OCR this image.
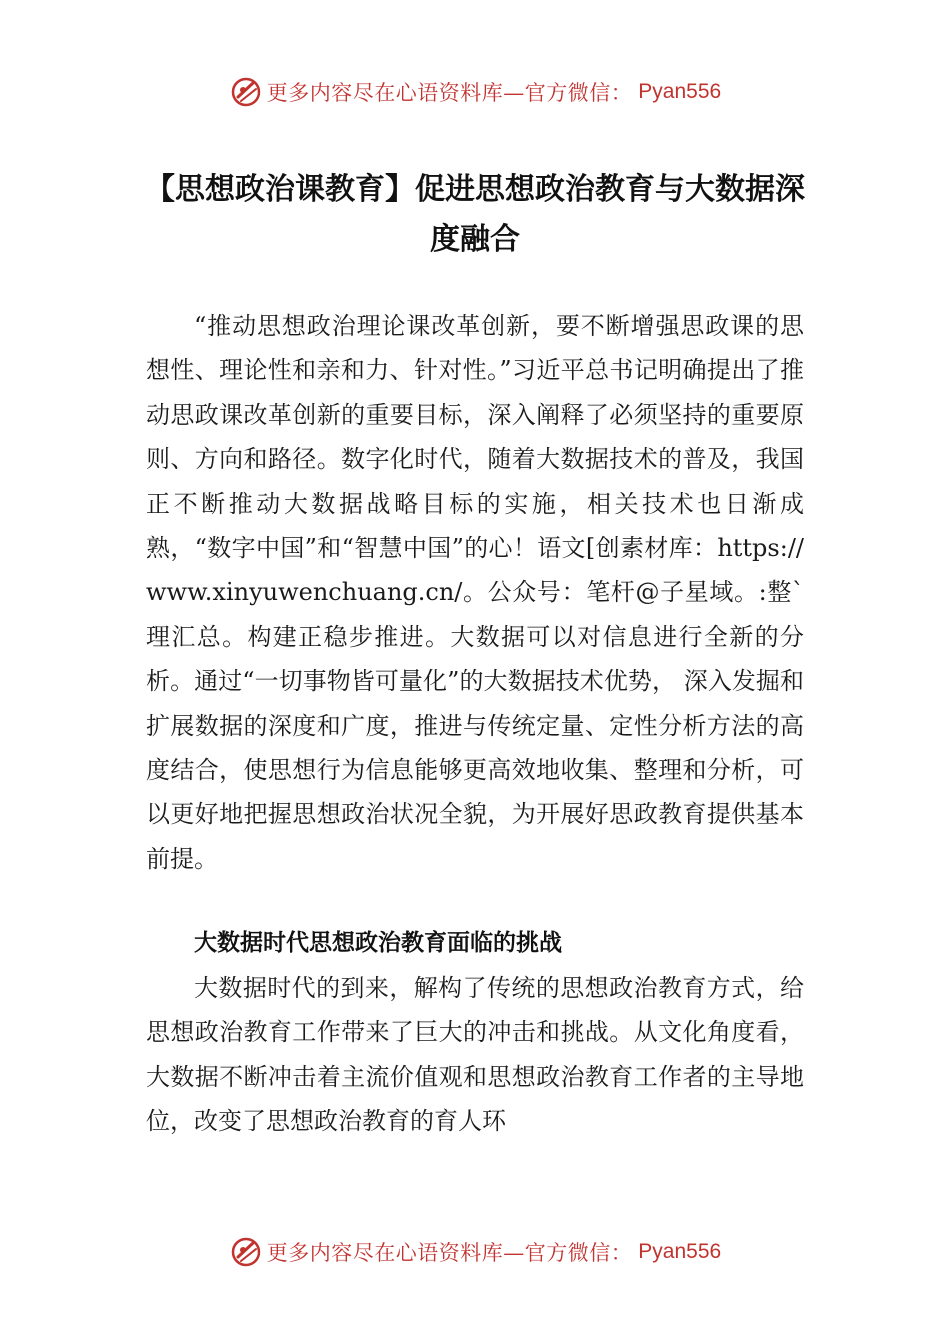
更多内容尽在心语资料库—官方微信： Pyan556
【思想政治课教育】促进思想政治教育与大数据深度融合
“推动思想政治理论课改革创新，要不断增强思政课的思想性、理论性和亲和力、针对性。”习近平总书记明确提出了推动思政课改革创新的重要目标，深入阐释了必须坚持的重要原则、方向和路径。数字化时代，随着大数据技术的普及，我国正不断推动大数据战略目标的实施，相关技术也日渐成熟，“数字中国”和“智慧中国”的心！语文[创素材库：https://www.xinyuwenchuang.cn/。公众号：笔杆@子星域。:整`理汇总。构建正稳步推进。大数据可以对信息进行全新的分析。通过“一切事物皆可量化”的大数据技术优势， 深入发掘和扩展数据的深度和广度，推进与传统定量、定性分析方法的高度结合，使思想行为信息能够更高效地收集、整理和分析，可以更好地把握思想政治状况全貌，为开展好思政教育提供基本前提。
大数据时代思想政治教育面临的挑战
大数据时代的到来，解构了传统的思想政治教育方式，给思想政治教育工作带来了巨大的冲击和挑战。从文化角度看，大数据不断冲击着主流价值观和思想政治教育工作者的主导地位，改变了思想政治教育的育人环
更多内容尽在心语资料库—官方微信： Pyan556
